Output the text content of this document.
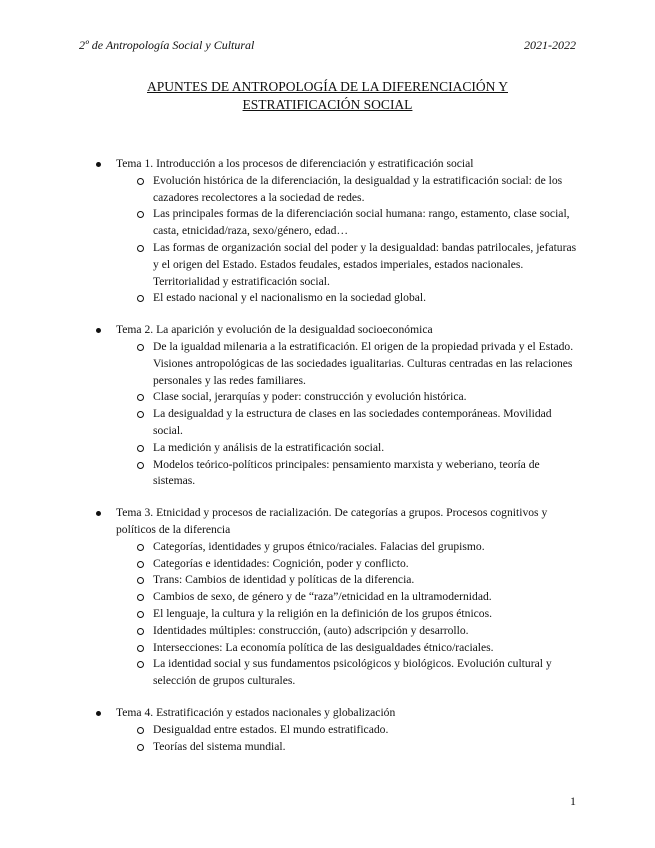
2º de Antropología Social y Cultural	2021-2022
APUNTES DE ANTROPOLOGÍA DE LA DIFERENCIACIÓN Y
ESTRATIFICACIÓN SOCIAL
Tema 1. Introducción a los procesos de diferenciación y estratificación social
Evolución histórica de la diferenciación, la desigualdad y la estratificación social: de los cazadores recolectores a la sociedad de redes.
Las principales formas de la diferenciación social humana: rango, estamento, clase social, casta, etnicidad/raza, sexo/género, edad…
Las formas de organización social del poder y la desigualdad: bandas patrilocales, jefaturas y el origen del Estado. Estados feudales, estados imperiales, estados nacionales. Territorialidad y estratificación social.
El estado nacional y el nacionalismo en la sociedad global.
Tema 2. La aparición y evolución de la desigualdad socioeconómica
De la igualdad milenaria a la estratificación. El origen de la propiedad privada y el Estado. Visiones antropológicas de las sociedades igualitarias. Culturas centradas en las relaciones personales y las redes familiares.
Clase social, jerarquías y poder: construcción y evolución histórica.
La desigualdad y la estructura de clases en las sociedades contemporáneas. Movilidad social.
La medición y análisis de la estratificación social.
Modelos teórico-políticos principales: pensamiento marxista y weberiano, teoría de sistemas.
Tema 3. Etnicidad y procesos de racialización. De categorías a grupos. Procesos cognitivos y políticos de la diferencia
Categorías, identidades y grupos étnico/raciales. Falacias del grupismo.
Categorías e identidades: Cognición, poder y conflicto.
Trans: Cambios de identidad y políticas de la diferencia.
Cambios de sexo, de género y de “raza”/etnicidad en la ultramodernidad.
El lenguaje, la cultura y la religión en la definición de los grupos étnicos.
Identidades múltiples: construcción, (auto) adscripción y desarrollo.
Intersecciones: La economía política de las desigualdades étnico/raciales.
La identidad social y sus fundamentos psicológicos y biológicos. Evolución cultural y selección de grupos culturales.
Tema 4. Estratificación y estados nacionales y globalización
Desigualdad entre estados. El mundo estratificado.
Teorías del sistema mundial.
1
